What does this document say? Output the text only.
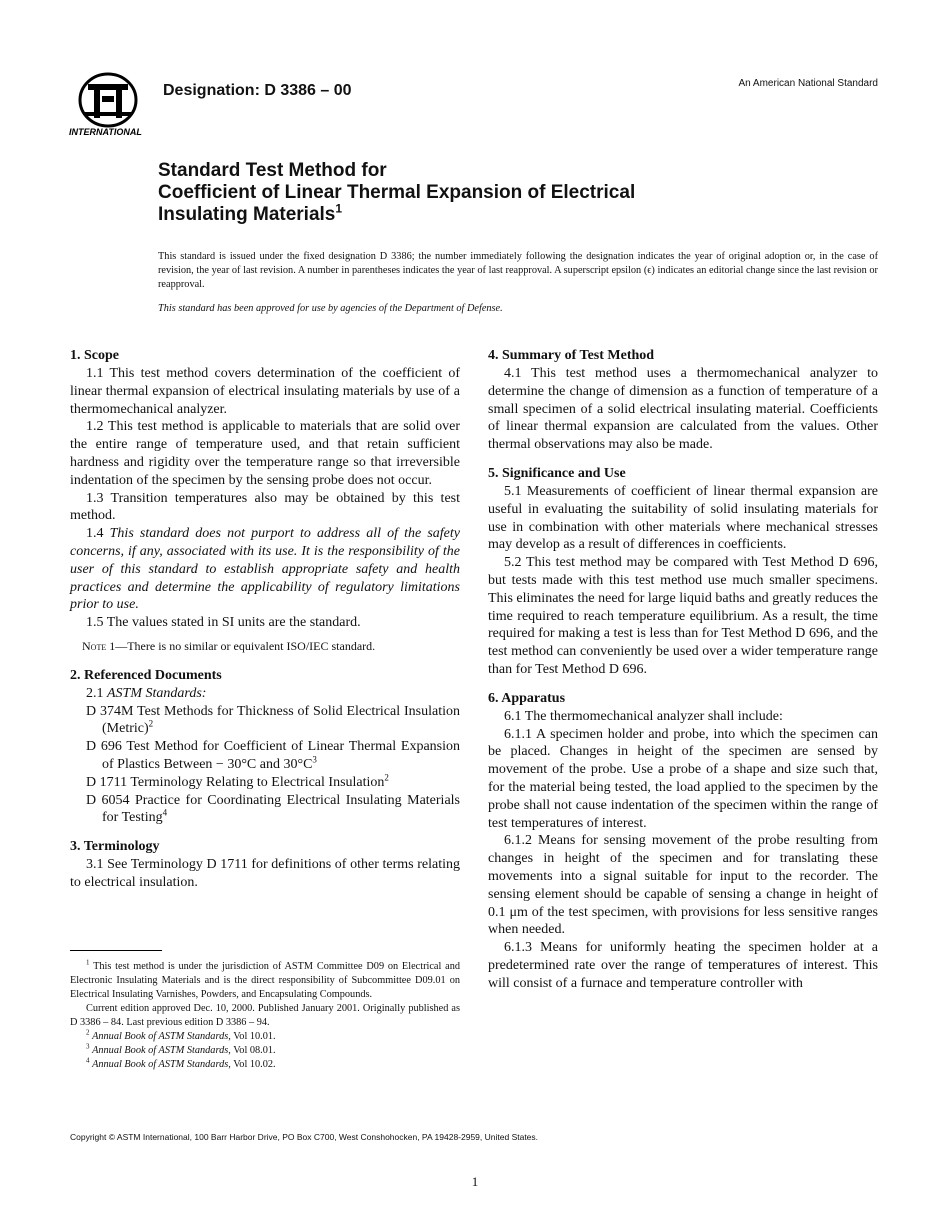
INTERNATIONAL
Designation: D 3386 – 00	An American National Standard
Standard Test Method for
Coefficient of Linear Thermal Expansion of Electrical
Insulating Materials$^1$
This standard is issued under the fixed designation D 3386; the number immediately following the designation indicates the year of original adoption or, in the case of revision, the year of last revision. A number in parentheses indicates the year of last reapproval. A superscript epsilon (ϵ) indicates an editorial change since the last revision or reapproval.
This standard has been approved for use by agencies of the Department of Defense.

1. Scope

1.1 This test method covers determination of the coefficient of linear thermal expansion of electrical insulating materials by use of a thermomechanical analyzer.

1.2 This test method is applicable to materials that are solid over the entire range of temperature used, and that retain sufficient hardness and rigidity over the temperature range so that irreversible indentation of the specimen by the sensing probe does not occur.

1.3 Transition temperatures also may be obtained by this test method.

1.4 This standard does not purport to address all of the safety concerns, if any, associated with its use. It is the responsibility of the user of this standard to establish appropriate safety and health practices and determine the applicability of regulatory limitations prior to use.

1.5 The values stated in SI units are the standard.

Note 1—There is no similar or equivalent ISO/IEC standard.

2. Referenced Documents

2.1 ASTM Standards:

D 374M Test Methods for Thickness of Solid Electrical Insulation (Metric)$^2$

D 696 Test Method for Coefficient of Linear Thermal Expansion of Plastics Between − 30°C and $30^\circ C^3$

D 1711 Terminology Relating to Electrical Insulation$^2$

D 6054 Practice for Coordinating Electrical Insulating Materials for Testing$^4$

3. Terminology

3.1 See Terminology D 1711 for definitions of other terms relating to electrical insulation.

4. Summary of Test Method

4.1 This test method uses a thermomechanical analyzer to determine the change of dimension as a function of temperature of a small specimen of a solid electrical insulating material. Coefficients of linear thermal expansion are calculated from the values. Other thermal observations may also be made.

5. Significance and Use

5.1 Measurements of coefficient of linear thermal expansion are useful in evaluating the suitability of solid insulating materials for use in combination with other materials where mechanical stresses may develop as a result of differences in coefficients.

5.2 This test method may be compared with Test Method D 696, but tests made with this test method use much smaller specimens. This eliminates the need for large liquid baths and greatly reduces the time required to reach temperature equilibrium. As a result, the time required for making a test is less than for Test Method D 696, and the test method can conveniently be used over a wider temperature range than for Test Method D 696.

6. Apparatus

6.1 The thermomechanical analyzer shall include:

6.1.1 A specimen holder and probe, into which the specimen can be placed. Changes in height of the specimen are sensed by movement of the probe. Use a probe of a shape and size such that, for the material being tested, the load applied to the specimen by the probe shall not cause indentation of the specimen within the range of test temperatures of interest.

6.1.2 Means for sensing movement of the probe resulting from changes in height of the specimen and for translating these movements into a signal suitable for input to the recorder. The sensing element should be capable of sensing a change in height of 0.1 μm of the test specimen, with provisions for less sensitive ranges when needed.

6.1.3 Means for uniformly heating the specimen holder at a predetermined rate over the range of temperatures of interest. This will consist of a furnace and temperature controller with

$^1$ This test method is under the jurisdiction of ASTM Committee D09 on Electrical and Electronic Insulating Materials and is the direct responsibility of Subcommittee D09.01 on Electrical Insulating Varnishes, Powders, and Encapsulating Compounds.

Current edition approved Dec. 10, 2000. Published January 2001. Originally published as D 3386 – 84. Last previous edition D 3386 – 94.

$^2$ Annual Book of ASTM Standards, Vol 10.01.

$^3$ Annual Book of ASTM Standards, Vol 08.01.

$^4$ Annual Book of ASTM Standards, Vol 10.02.

Copyright © ASTM International, 100 Barr Harbor Drive, PO Box C700, West Conshohocken, PA 19428-2959, United States.
1
